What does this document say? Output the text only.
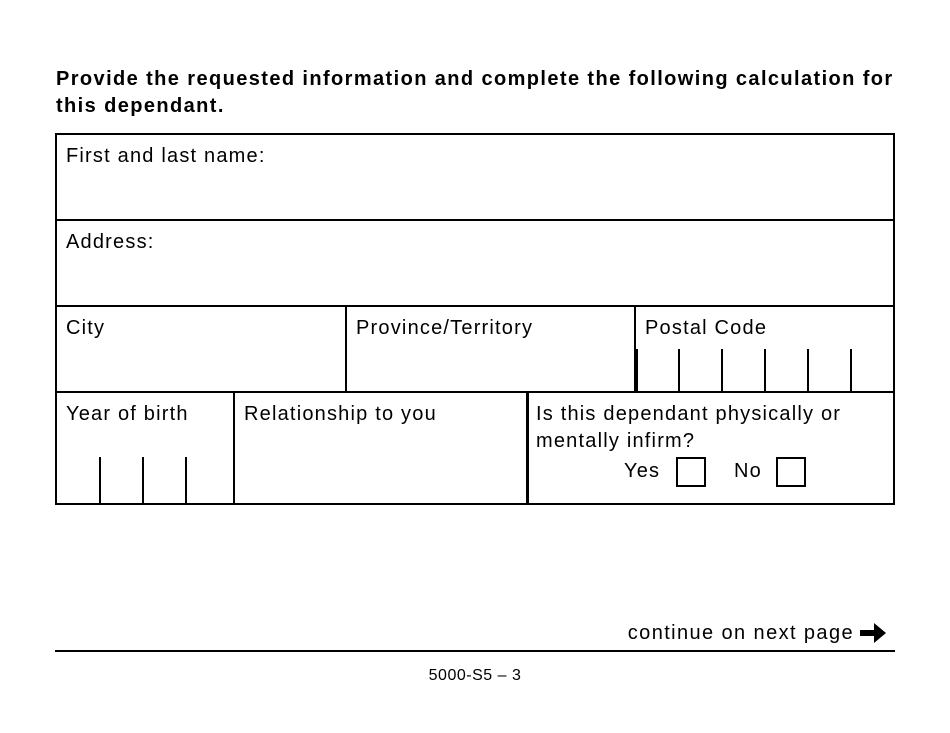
Provide the requested information and complete the following calculation for this dependant.

First and last name:
Address:
City	Province/Territory	Postal Code
Year of birth	Relationship to you	Is this dependant physically or mentally infirm?
Yes	No
continue on next page
5000-S5 – 3
